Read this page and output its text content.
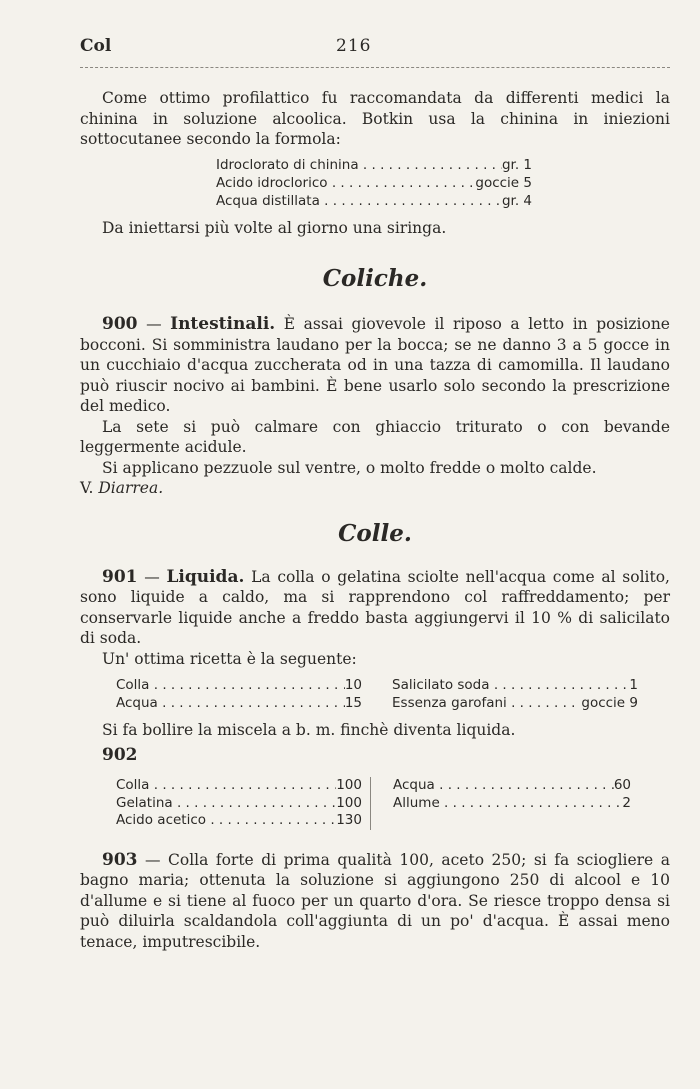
Col	216

Come ottimo profilattico fu raccomandata da differenti medici la chinina in soluzione alcoolica. Botkin usa la chinina in iniezioni sottocutanee secondo la formola:

Idroclorato di chinina . . .	gr. 1
Acido idroclorico . . .	goccie 5
Acqua distillata . . .	gr. 4

Da iniettarsi più volte al giorno una siringa.

Coliche.

900 — Intestinali. È assai giovevole il riposo a letto in posizione bocconi. Si somministra laudano per la bocca; se ne danno 3 a 5 gocce in un cucchiaio d'acqua zuccherata od in una tazza di camomilla. Il laudano può riuscir nocivo ai bambini. È bene usarlo solo secondo la prescrizione del medico.

La sete si può calmare con ghiaccio triturato o con bevande leggermente acidule.

Si applicano pezzuole sul ventre, o molto fredde o molto calde.

V. Diarrea.

Colle.

901 — Liquida. La colla o gelatina sciolte nell'acqua come al solito, sono liquide a caldo, ma si rapprendono col raffreddamento; per conservarle liquide anche a freddo basta aggiungervi il 10 % di salicilato di soda.

Un' ottima ricetta è la seguente:

Colla . . .	10
Acqua . . .	15
Salicilato soda . . .	1
Essenza garofani . . .	goccie 9

Si fa bollire la miscela a b. m. finchè diventa liquida.

902

Colla . . .	100
Gelatina . . .	100
Acido acetico . . .	130
Acqua . . .	60
Allume . . .	2

903 — Colla forte di prima qualità 100, aceto 250; si fa sciogliere a bagno maria; ottenuta la soluzione si aggiungono 250 di alcool e 10 d'allume e si tiene al fuoco per un quarto d'ora. Se riesce troppo densa si può diluirla scaldandola coll'aggiunta di un po' d'acqua. È assai meno tenace, imputrescibile.
